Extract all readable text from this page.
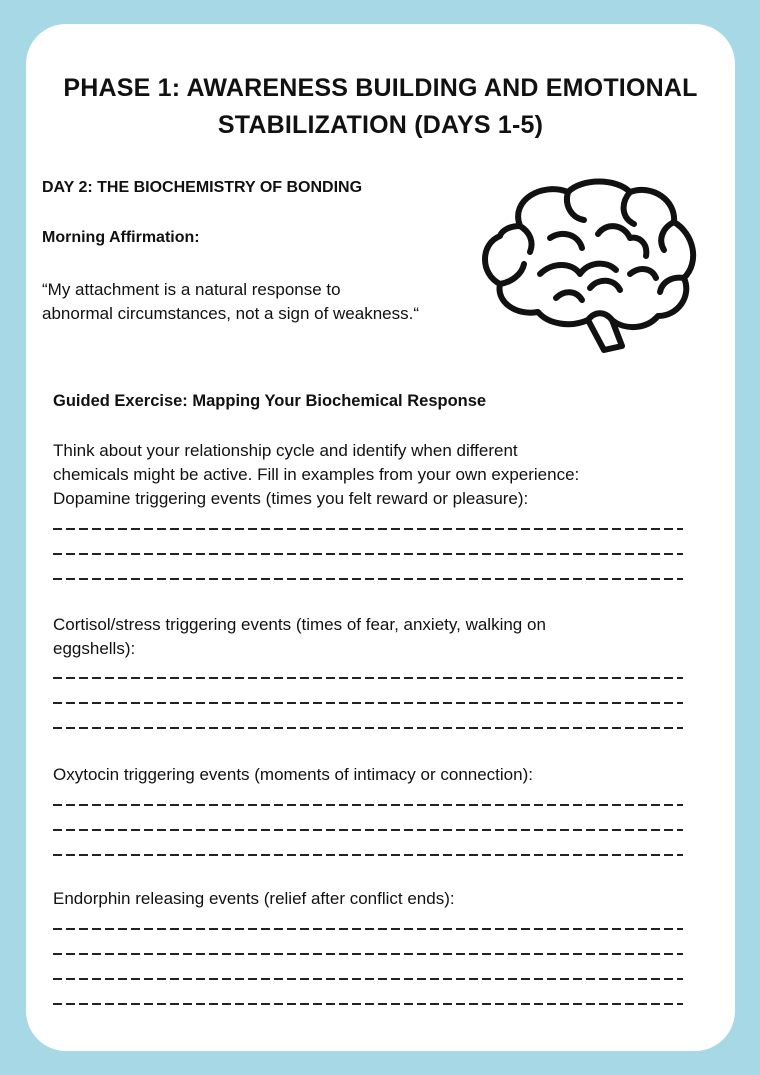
PHASE 1: AWARENESS BUILDING AND EMOTIONAL
STABILIZATION (DAYS 1-5)
DAY 2: THE BIOCHEMISTRY OF BONDING
Morning Affirmation:
“My attachment is a natural response to
abnormal circumstances, not a sign of weakness.“
Guided Exercise: Mapping Your Biochemical Response
Think about your relationship cycle and identify when different
chemicals might be active. Fill in examples from your own experience:
Dopamine triggering events (times you felt reward or pleasure):
Cortisol/stress triggering events (times of fear, anxiety, walking on
eggshells):
Oxytocin triggering events (moments of intimacy or connection):
Endorphin releasing events (relief after conflict ends):
